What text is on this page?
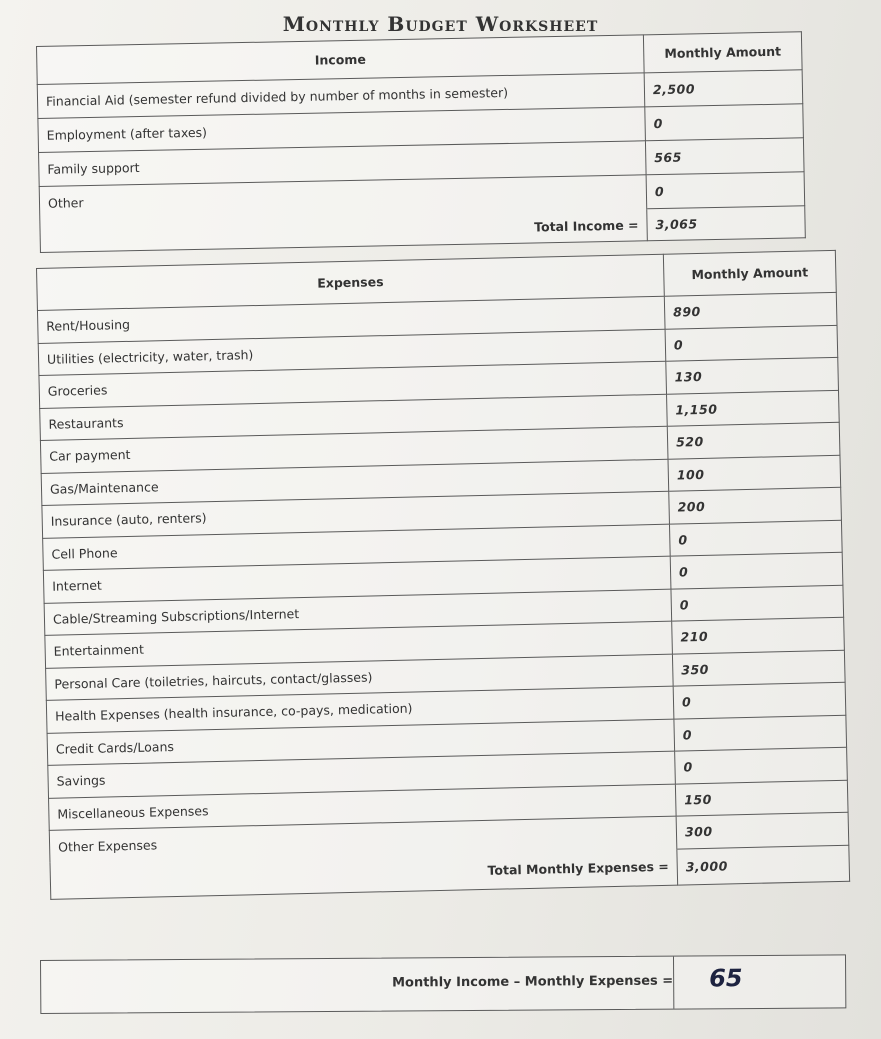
Monthly Budget Worksheet
Income	Monthly Amount
Financial Aid (semester refund divided by number of months in semester)	2,500
Employment (after taxes)	0
Family support	565
Other	0
Total Income =	3,065
Expenses	Monthly Amount
Rent/Housing	890
Utilities (electricity, water, trash)	0
Groceries	130
Restaurants	1,150
Car payment	520
Gas/Maintenance	100
Insurance (auto, renters)	200
Cell Phone	0
Internet	0
Cable/Streaming Subscriptions/Internet	0
Entertainment	210
Personal Care (toiletries, haircuts, contact/glasses)	350
Health Expenses (health insurance, co-pays, medication)	0
Credit Cards/Loans	0
Savings	0
Miscellaneous Expenses	150
Other Expenses	300
Total Monthly Expenses =	3,000
Monthly Income – Monthly Expenses = 65
